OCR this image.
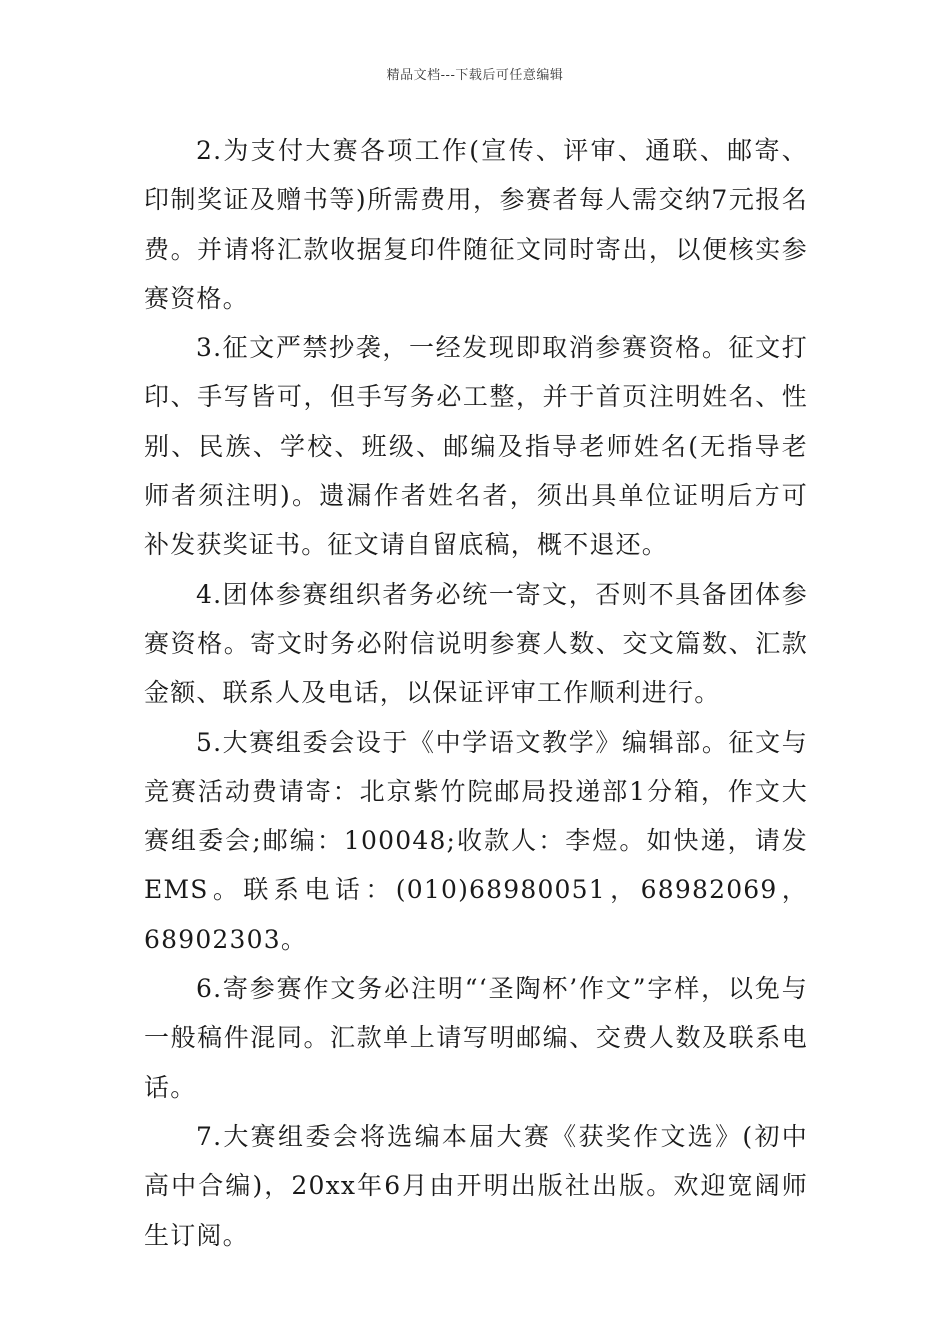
精品文档---下载后可任意编辑

2.为支付大赛各项工作(宣传、评审、通联、邮寄、印制奖证及赠书等)所需费用，参赛者每人需交纳7元报名费。并请将汇款收据复印件随征文同时寄出，以便核实参赛资格。

3.征文严禁抄袭，一经发现即取消参赛资格。征文打印、手写皆可，但手写务必工整，并于首页注明姓名、性别、民族、学校、班级、邮编及指导老师姓名(无指导老师者须注明)。遗漏作者姓名者，须出具单位证明后方可补发获奖证书。征文请自留底稿，概不退还。

4.团体参赛组织者务必统一寄文，否则不具备团体参赛资格。寄文时务必附信说明参赛人数、交文篇数、汇款金额、联系人及电话，以保证评审工作顺利进行。

5.大赛组委会设于《中学语文教学》编辑部。征文与竞赛活动费请寄：北京紫竹院邮局投递部1分箱，作文大赛组委会;邮编：100048;收款人：李煜。如快递，请发EMS。联系电话：(010)68980051，68982069，68902303。

6.寄参赛作文务必注明“‘圣陶杯’作文”字样，以免与一般稿件混同。汇款单上请写明邮编、交费人数及联系电话。

7.大赛组委会将选编本届大赛《获奖作文选》(初中高中合编)，20xx年6月由开明出版社出版。欢迎宽阔师生订阅。
